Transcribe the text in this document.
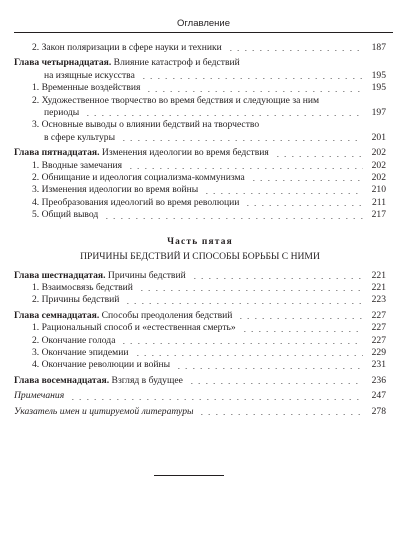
Оглавление
2. Закон поляризации в сфере науки и техники	187
Глава четырнадцатая. Влияние катастроф и бедствий
на изящные искусства	195
1. Временные воздействия	195
2. Художественное творчество во время бедствия и следующие за ним
периоды	197
3. Основные выводы о влиянии бедствий на творчество
в сфере культуры	201
Глава пятнадцатая. Изменения идеологии во время бедствия	202
1. Вводные замечания	202
2. Обнищание и идеология социализма-коммунизма	202
3. Изменения идеологии во время войны	210
4. Преобразования идеологий во время революции	211
5. Общий вывод	217
Часть пятая
ПРИЧИНЫ БЕДСТВИЙ И СПОСОБЫ БОРЬБЫ С НИМИ
Глава шестнадцатая. Причины бедствий	221
1. Взаимосвязь бедствий	221
2. Причины бедствий	223
Глава семнадцатая. Способы преодоления бедствий	227
1. Рациональный способ и «естественная смерть»	227
2. Окончание голода	227
3. Окончание эпидемии	229
4. Окончание революции и войны	231
Глава восемнадцатая. Взгляд в будущее	236
Примечания	247
Указатель имен и цитируемой литературы	278
